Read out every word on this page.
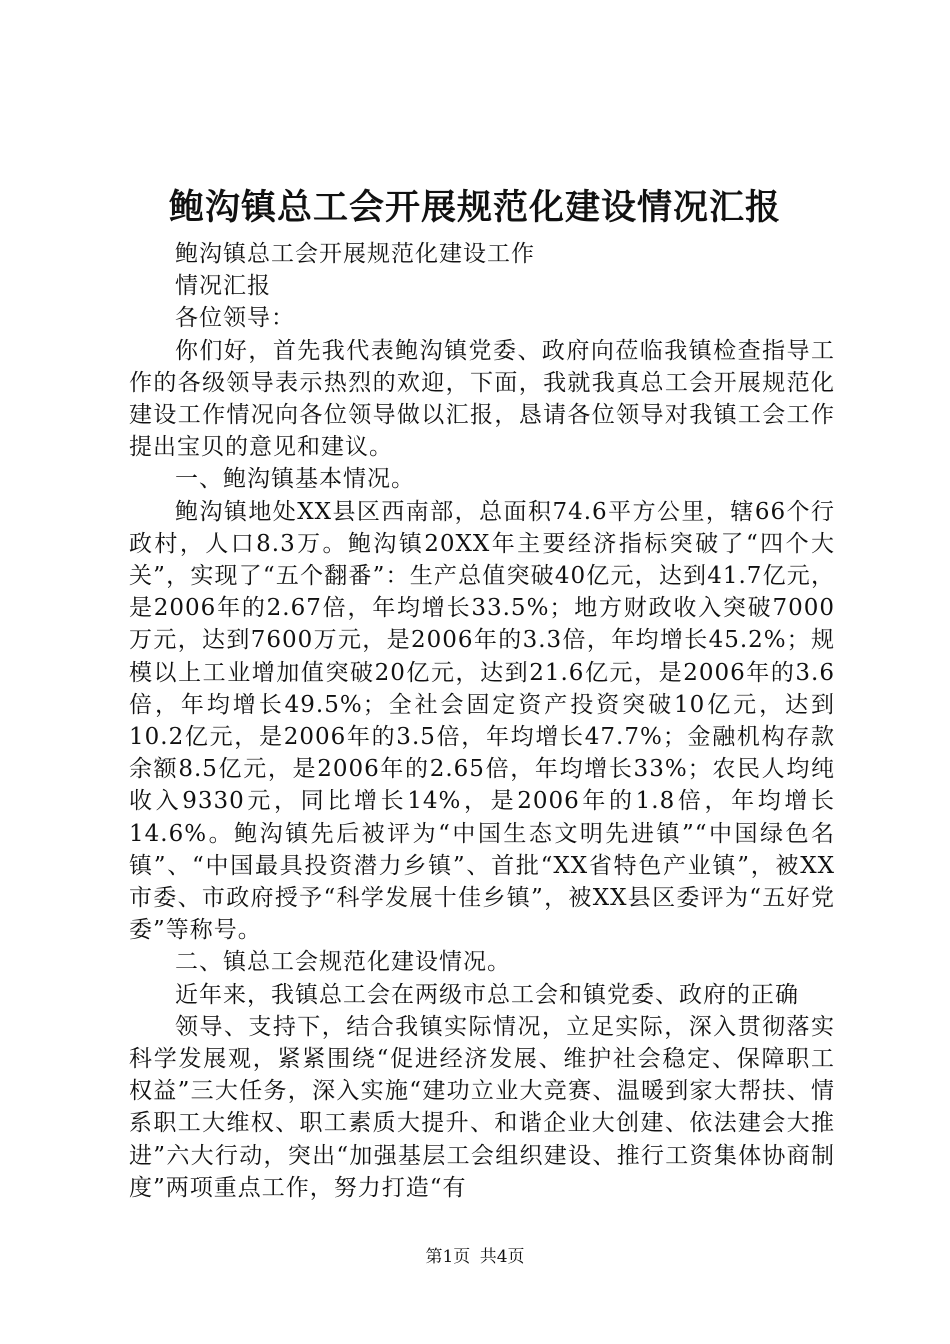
鲍沟镇总工会开展规范化建设情况汇报

鲍沟镇总工会开展规范化建设工作

情况汇报

各位领导：

你们好，首先我代表鲍沟镇党委、政府向莅临我镇检查指导工作的各级领导表示热烈的欢迎，下面，我就我真总工会开展规范化建设工作情况向各位领导做以汇报，恳请各位领导对我镇工会工作提出宝贝的意见和建议。

一、鲍沟镇基本情况。

鲍沟镇地处XX县区西南部，总面积74.6平方公里，辖66个行政村，人口8.3万。鲍沟镇20XX年主要经济指标突破了“四个大关”，实现了“五个翻番”：生产总值突破40亿元，达到41.7亿元，是2006年的2.67倍，年均增长33.5%；地方财政收入突破7000万元，达到7600万元，是2006年的3.3倍，年均增长45.2%；规模以上工业增加值突破20亿元，达到21.6亿元，是2006年的3.6倍，年均增长49.5%；全社会固定资产投资突破10亿元，达到10.2亿元，是2006年的3.5倍，年均增长47.7%；金融机构存款余额8.5亿元，是2006年的2.65倍，年均增长33%；农民人均纯收入9330元，同比增长14%，是2006年的1.8倍，年均增长14.6%。鲍沟镇先后被评为“中国生态文明先进镇”“中国绿色名镇”、“中国最具投资潜力乡镇”、首批“XX省特色产业镇”，被XX市委、市政府授予“科学发展十佳乡镇”，被XX县区委评为“五好党委”等称号。

二、镇总工会规范化建设情况。

近年来，我镇总工会在两级市总工会和镇党委、政府的正确

领导、支持下，结合我镇实际情况，立足实际，深入贯彻落实科学发展观，紧紧围绕“促进经济发展、维护社会稳定、保障职工权益”三大任务，深入实施“建功立业大竞赛、温暖到家大帮扶、情系职工大维权、职工素质大提升、和谐企业大创建、依法建会大推进”六大行动，突出“加强基层工会组织建设、推行工资集体协商制度”两项重点工作，努力打造“有

第1页 共4页
